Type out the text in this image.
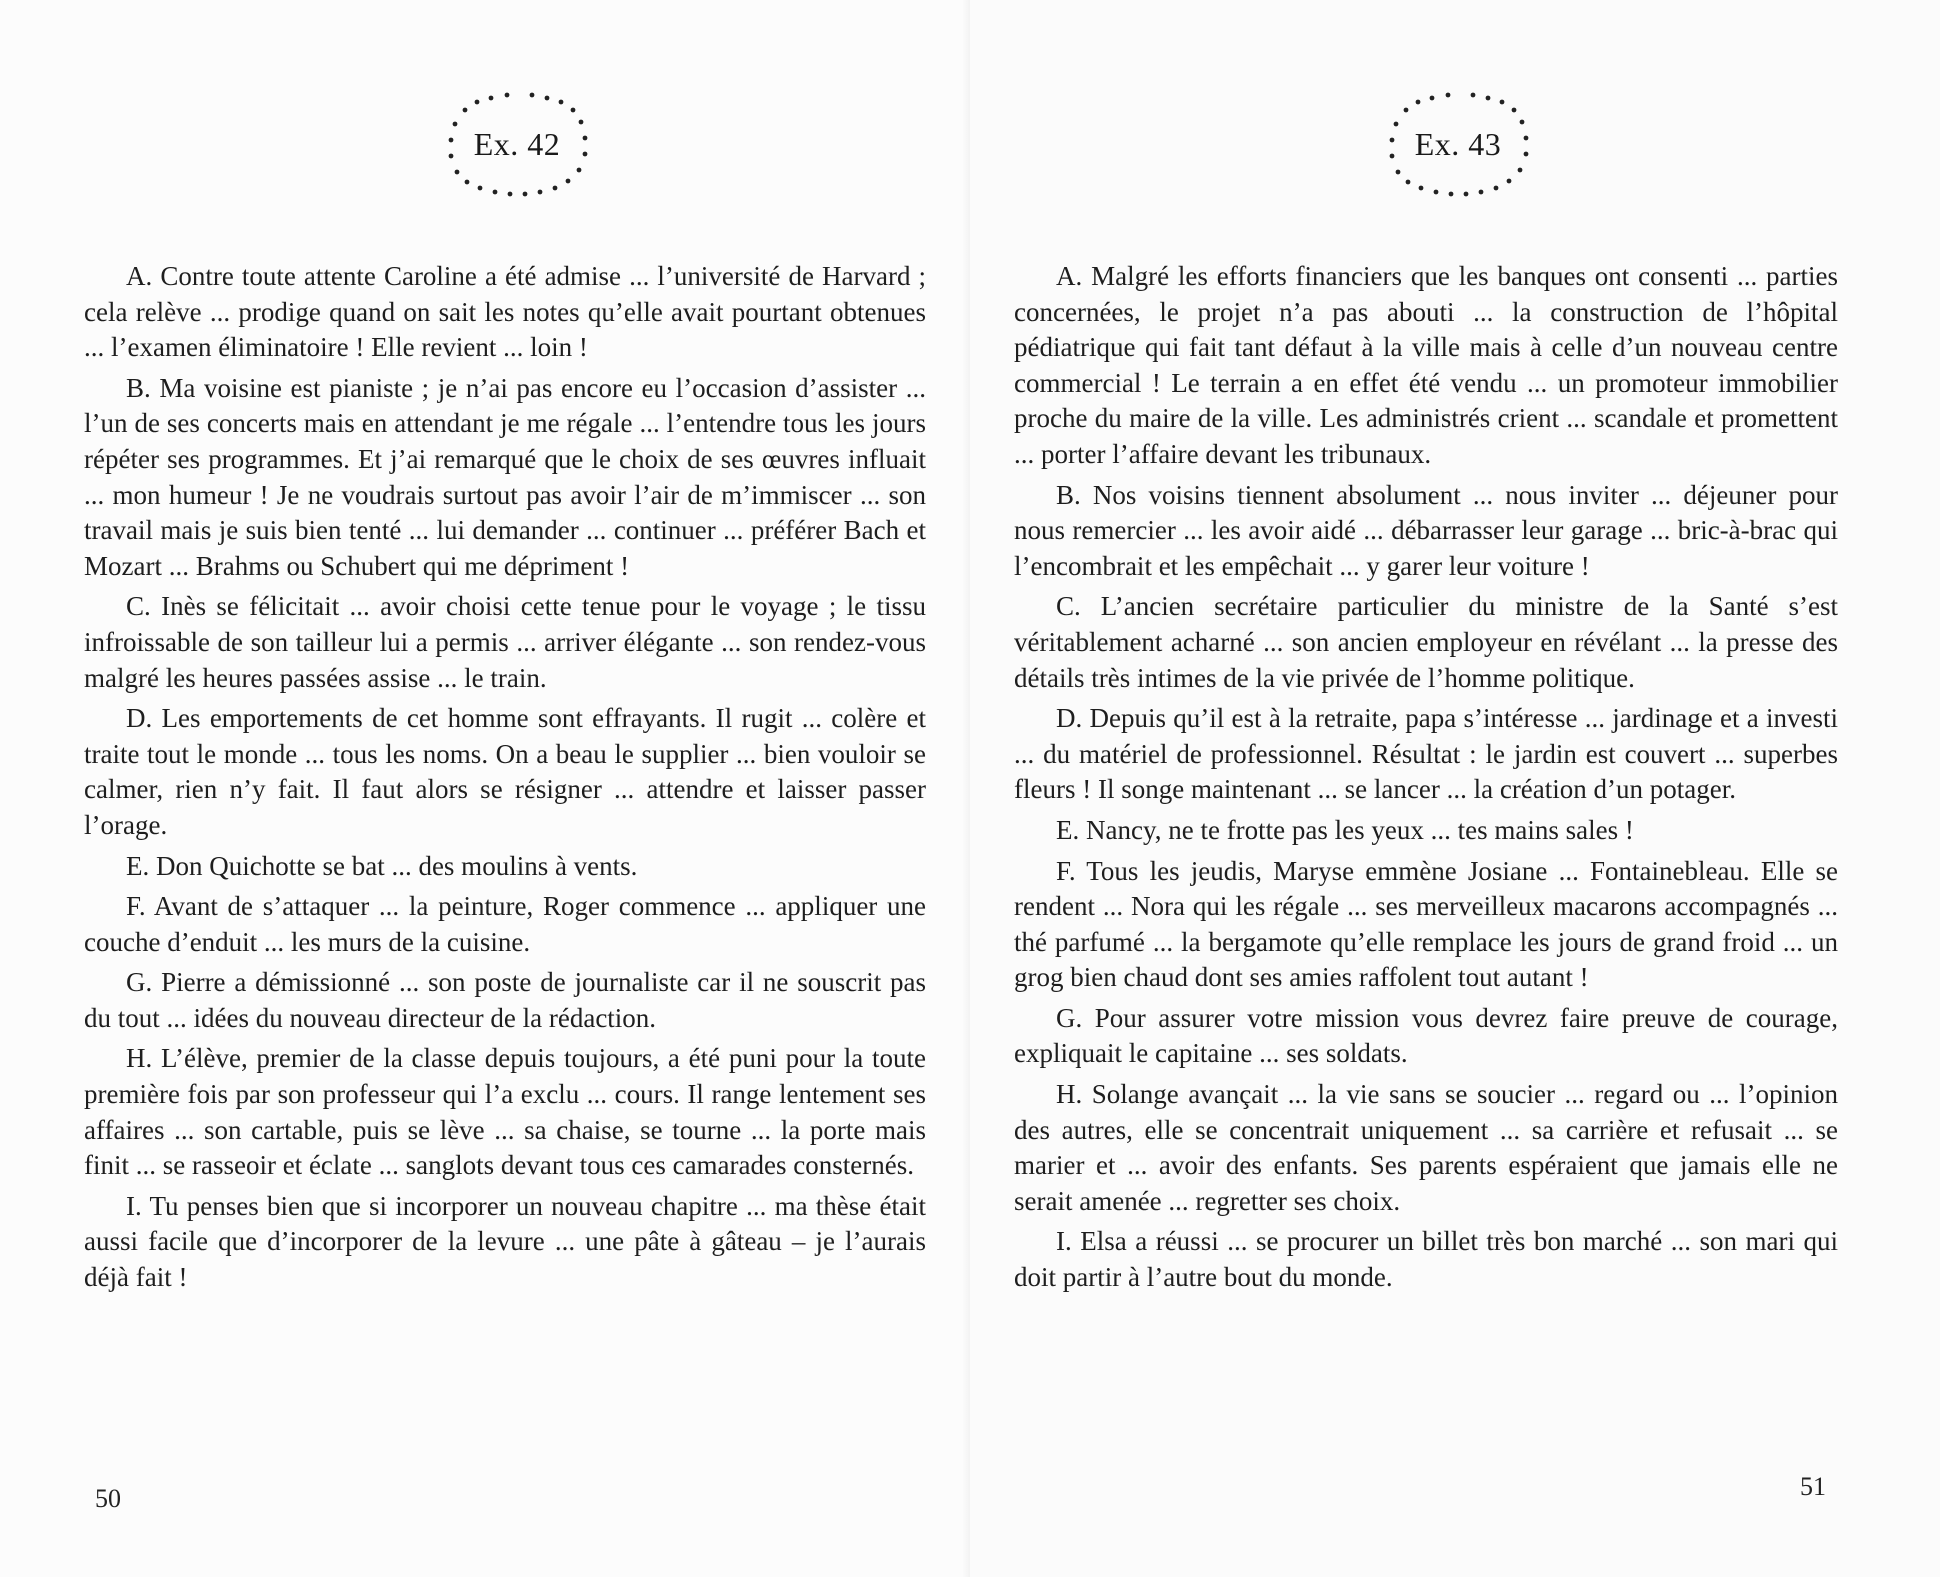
Ex. 42

A. Contre toute attente Caroline a été admise ... l’université de Harvard ; cela relève ... prodige quand on sait les notes qu’elle avait pourtant obtenues ... l’examen éliminatoire ! Elle revient ... loin !

B. Ma voisine est pianiste ; je n’ai pas encore eu l’occasion d’assister ... l’un de ses concerts mais en attendant je me régale ... l’entendre tous les jours répéter ses programmes. Et j’ai remarqué que le choix de ses œuvres influait ... mon humeur ! Je ne voudrais surtout pas avoir l’air de m’immiscer ... son travail mais je suis bien tenté ... lui demander ... continuer ... préférer Bach et Mozart ... Brahms ou Schubert qui me dépriment !

C. Inès se félicitait ... avoir choisi cette tenue pour le voyage ; le tissu infroissable de son tailleur lui a permis ... arriver élégante ... son rendez-vous malgré les heures passées assise ... le train.

D. Les emportements de cet homme sont effrayants. Il rugit ... colère et traite tout le monde ... tous les noms. On a beau le supplier ... bien vouloir se calmer, rien n’y fait. Il faut alors se résigner ... attendre et laisser passer l’orage.

E. Don Quichotte se bat ... des moulins à vents.

F. Avant de s’attaquer ... la peinture, Roger commence ... appliquer une couche d’enduit ... les murs de la cuisine.

G. Pierre a démissionné ... son poste de journaliste car il ne souscrit pas du tout ... idées du nouveau directeur de la rédaction.

H. L’élève, premier de la classe depuis toujours, a été puni pour la toute première fois par son professeur qui l’a exclu ... cours. Il range lentement ses affaires ... son cartable, puis se lève ... sa chaise, se tourne ... la porte mais finit ... se rasseoir et éclate ... sanglots devant tous ces camarades consternés.

I. Tu penses bien que si incorporer un nouveau chapitre ... ma thèse était aussi facile que d’incorporer de la levure ... une pâte à gâteau – je l’aurais déjà fait !

50
Ex. 43
51

A. Malgré les efforts financiers que les banques ont consenti ... parties concernées, le projet n’a pas abouti ... la construction de l’hôpital pédiatrique qui fait tant défaut à la ville mais à celle d’un nouveau centre commercial ! Le terrain a en effet été vendu ... un promoteur immobilier proche du maire de la ville. Les administrés crient ... scandale et promettent ... porter l’affaire devant les tribunaux.

B. Nos voisins tiennent absolument ... nous inviter ... déjeuner pour nous remercier ... les avoir aidé ... débarrasser leur garage ... bric-à-brac qui l’encombrait et les empêchait ... y garer leur voiture !

C. L’ancien secrétaire particulier du ministre de la Santé s’est véritablement acharné ... son ancien employeur en révélant ... la presse des détails très intimes de la vie privée de l’homme politique.

D. Depuis qu’il est à la retraite, papa s’intéresse ... jardinage et a investi ... du matériel de professionnel. Résultat : le jardin est couvert ... superbes fleurs ! Il songe maintenant ... se lancer ... la création d’un potager.

E. Nancy, ne te frotte pas les yeux ... tes mains sales !

F. Tous les jeudis, Maryse emmène Josiane ... Fontainebleau. Elle se rendent ... Nora qui les régale ... ses merveilleux macarons accompagnés ... thé parfumé ... la bergamote qu’elle remplace les jours de grand froid ... un grog bien chaud dont ses amies raffolent tout autant !

G. Pour assurer votre mission vous devrez faire preuve de courage, expliquait le capitaine ... ses soldats.

H. Solange avançait ... la vie sans se soucier ... regard ou ... l’opinion des autres, elle se concentrait uniquement ... sa carrière et refusait ... se marier et ... avoir des enfants. Ses parents espéraient que jamais elle ne serait amenée ... regretter ses choix.

I. Elsa a réussi ... se procurer un billet très bon marché ... son mari qui doit partir à l’autre bout du monde.
